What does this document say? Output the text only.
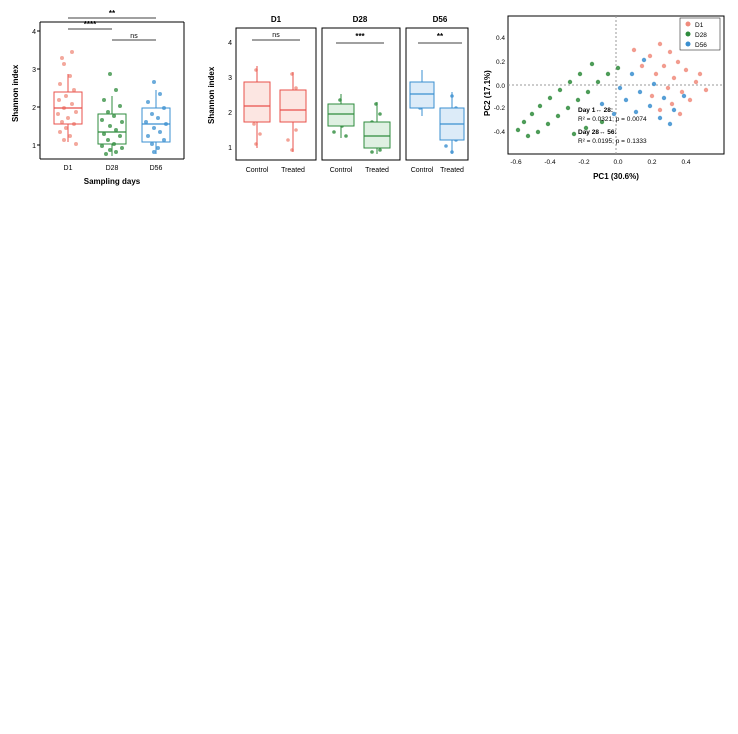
Shannon index
1
2
3
4
**
****
ns
D1	D28	D56
Sampling days
Shannon index
1
2
3
4
D1
ns
Control Treated
D28
***
Control Treated
D56
**
Control Treated
PC2 (17.1%)
-0.4
-0.2
0.0
0.2
0.4
-0.6	-0.4	-0.2	0.0	0.2	0.4
PC1 (30.6%)
D1
D28
D56
Day 1↔ 28:
R² = 0.0321; p = 0.0074
Day 28↔ 56:
R² = 0.0195; p = 0.1333
